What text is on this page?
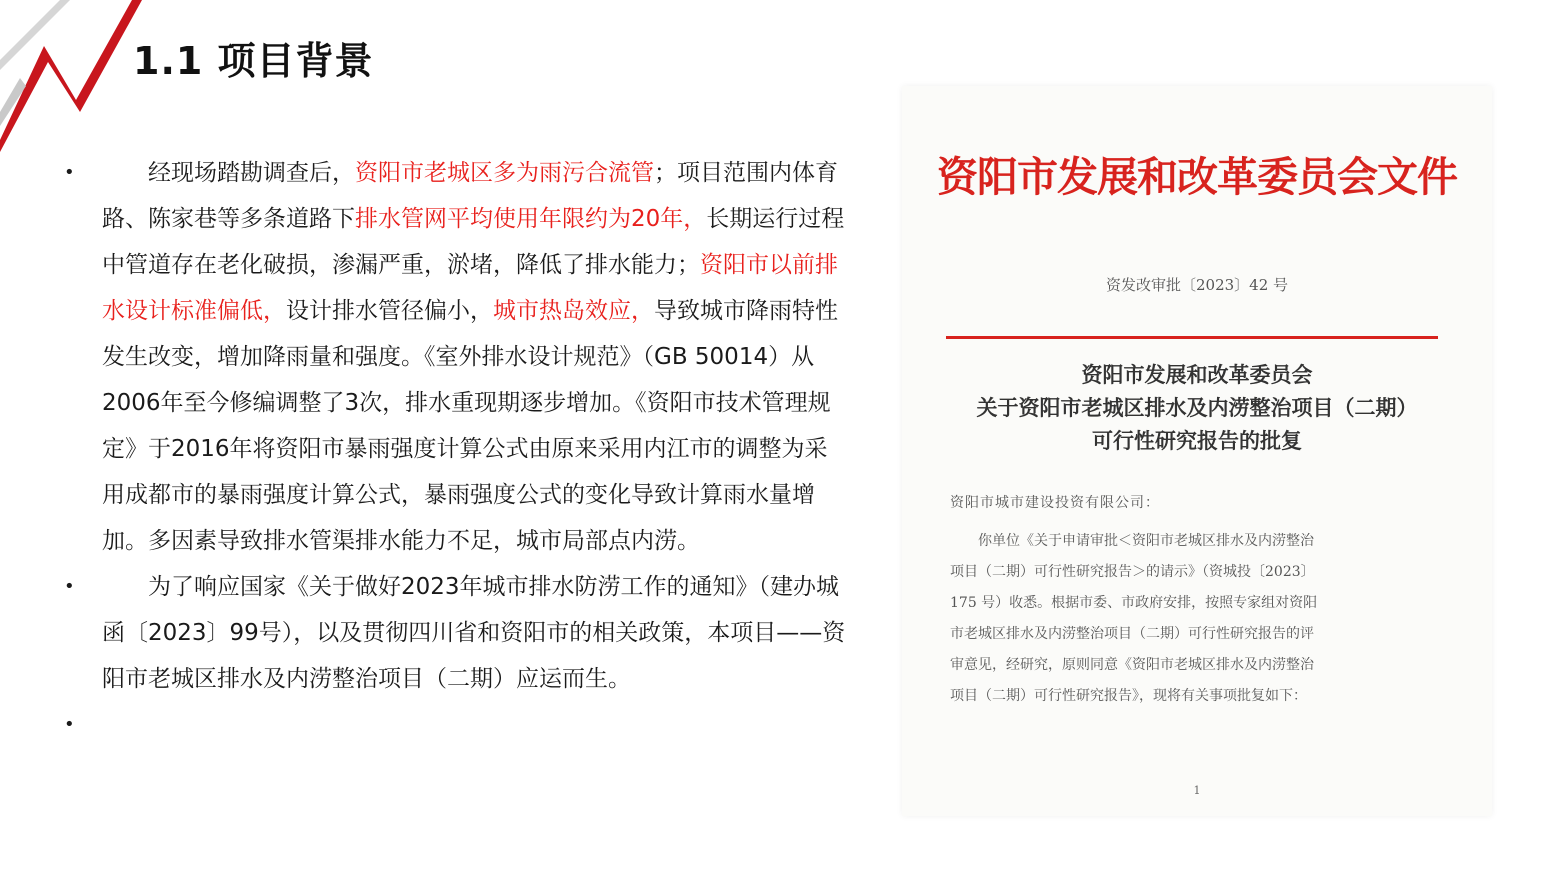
1.1 项目背景
•	经现场踏勘调查后，资阳市老城区多为雨污合流管；项目范围内体育路、陈家巷等多条道路下排水管网平均使用年限约为20年，长期运行过程中管道存在老化破损，渗漏严重，淤堵，降低了排水能力；资阳市以前排水设计标准偏低，设计排水管径偏小，城市热岛效应，导致城市降雨特性发生改变，增加降雨量和强度。《室外排水设计规范》（GB 50014）从2006年至今修编调整了3次，排水重现期逐步增加。《资阳市技术管理规定》于2016年将资阳市暴雨强度计算公式由原来采用内江市的调整为采用成都市的暴雨强度计算公式，暴雨强度公式的变化导致计算雨水量增加。多因素导致排水管渠排水能力不足，城市局部点内涝。
•	为了响应国家《关于做好2023年城市排水防涝工作的通知》（建办城函〔2023〕99号），以及贯彻四川省和资阳市的相关政策，本项目——资阳市老城区排水及内涝整治项目（二期）应运而生。
•

资阳市发展和改革委员会文件
资发改审批〔2023〕42 号
资阳市发展和改革委员会
关于资阳市老城区排水及内涝整治项目（二期）
可行性研究报告的批复
资阳市城市建设投资有限公司：
你单位《关于申请审批＜资阳市老城区排水及内涝整治
项目（二期）可行性研究报告＞的请示》（资城投〔2023〕
175 号）收悉。根据市委、市政府安排，按照专家组对资阳
市老城区排水及内涝整治项目（二期）可行性研究报告的评
审意见，经研究，原则同意《资阳市老城区排水及内涝整治
项目（二期）可行性研究报告》，现将有关事项批复如下：
1
